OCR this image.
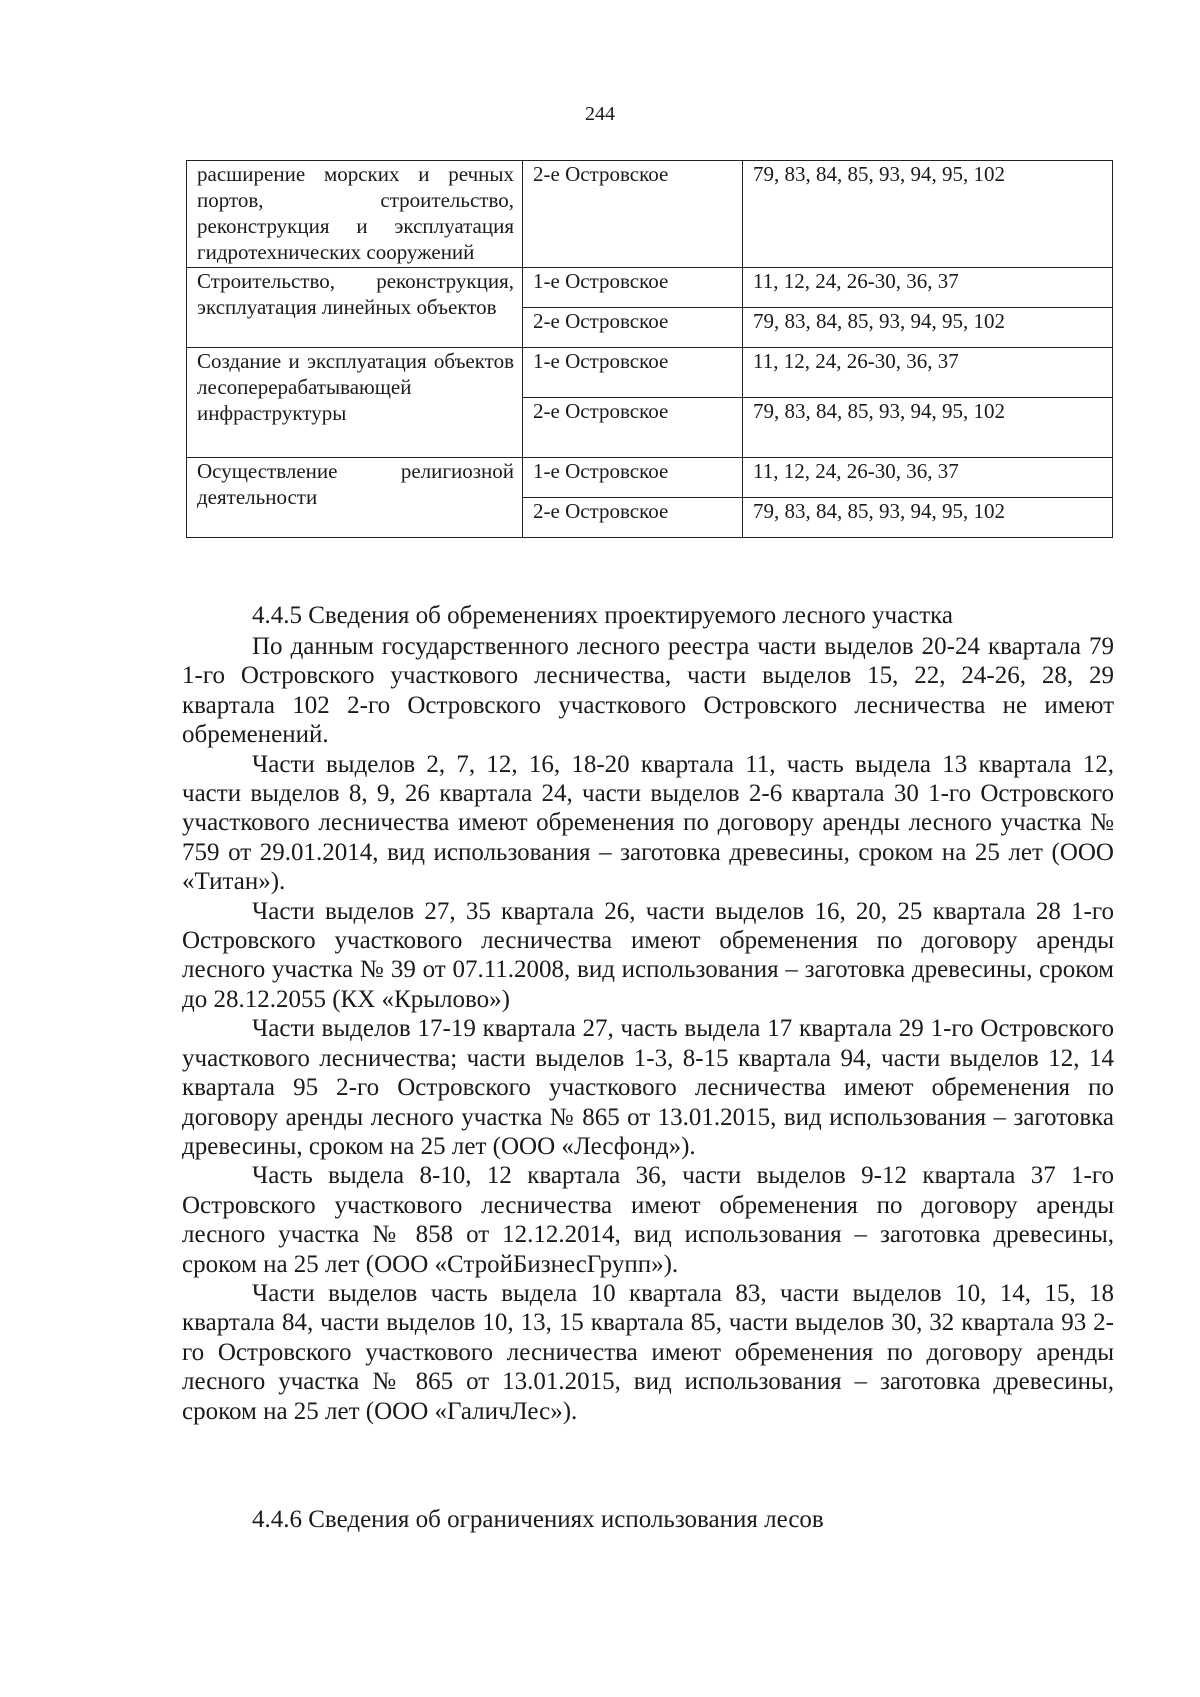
244
расширение морских и речных портов, строительство, реконструкция и эксплуатация гидротехнических сооружений	2-е Островское	79, 83, 84, 85, 93, 94, 95, 102
Строительство, реконструкция, эксплуатация линейных объектов	1-е Островское	11, 12, 24, 26-30, 36, 37
	2-е Островское	79, 83, 84, 85, 93, 94, 95, 102
Создание и эксплуатация объектов лесоперерабатывающей инфраструктуры	1-е Островское	11, 12, 24, 26-30, 36, 37
	2-е Островское	79, 83, 84, 85, 93, 94, 95, 102
Осуществление религиозной деятельности	1-е Островское	11, 12, 24, 26-30, 36, 37
	2-е Островское	79, 83, 84, 85, 93, 94, 95, 102
4.4.5 Сведения об обременениях проектируемого лесного участка

По данным государственного лесного реестра части выделов 20-24 квартала 79 1-го Островского участкового лесничества, части выделов 15, 22, 24-26, 28, 29 квартала 102 2-го Островского участкового Островского лесничества не имеют обременений.

Части выделов 2, 7, 12, 16, 18-20 квартала 11, часть выдела 13 квартала 12, части выделов 8, 9, 26 квартала 24, части выделов 2-6 квартала 30 1-го Островского участкового лесничества имеют обременения по договору аренды лесного участка № 759 от 29.01.2014, вид использования – заготовка древесины, сроком на 25 лет (ООО «Титан»).

Части выделов 27, 35 квартала 26, части выделов 16, 20, 25 квартала 28 1-го Островского участкового лесничества имеют обременения по договору аренды лесного участка № 39 от 07.11.2008, вид использования – заготовка древесины, сроком до 28.12.2055 (КХ «Крылово»)

Части выделов 17-19 квартала 27, часть выдела 17 квартала 29 1-го Островского участкового лесничества; части выделов 1-3, 8-15 квартала 94, части выделов 12, 14 квартала 95 2-го Островского участкового лесничества имеют обременения по договору аренды лесного участка № 865 от 13.01.2015, вид использования – заготовка древесины, сроком на 25 лет (ООО «Лесфонд»).

Часть выдела 8-10, 12 квартала 36, части выделов 9-12 квартала 37 1-го Островского участкового лесничества имеют обременения по договору аренды лесного участка № 858 от 12.12.2014, вид использования – заготовка древесины, сроком на 25 лет (ООО «СтройБизнесГрупп»).

Части выделов часть выдела 10 квартала 83, части выделов 10, 14, 15, 18 квартала 84, части выделов 10, 13, 15 квартала 85, части выделов 30, 32 квартала 93 2-го Островского участкового лесничества имеют обременения по договору аренды лесного участка № 865 от 13.01.2015, вид использования – заготовка древесины, сроком на 25 лет (ООО «ГаличЛес»).

4.4.6 Сведения об ограничениях использования лесов
